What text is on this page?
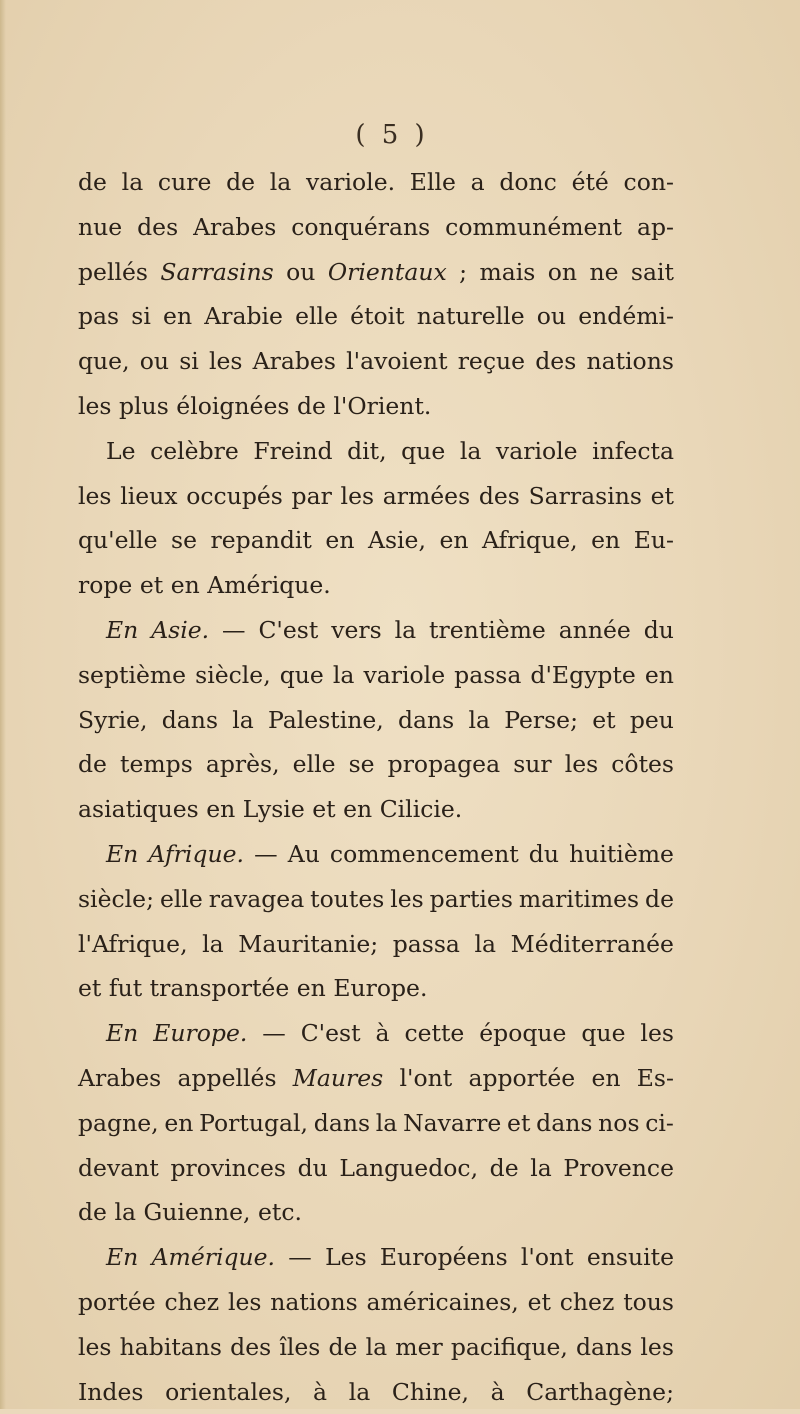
( 5 )
de la cure de la variole. Elle a donc été con-
nue des Arabes conquérans communément ap-
pellés Sarrasins ou Orientaux ; mais on ne sait
pas si en Arabie elle étoit naturelle ou endémi-
que, ou si les Arabes l'avoient reçue des nations
les plus éloignées de l'Orient.
Le celèbre Freind dit, que la variole infecta
les lieux occupés par les armées des Sarrasins et
qu'elle se repandit en Asie, en Afrique, en Eu-
rope et en Amérique.
En Asie. — C'est vers la trentième année du
septième siècle, que la variole passa d'Egypte en
Syrie, dans la Palestine, dans la Perse; et peu
de temps après, elle se propagea sur les côtes
asiatiques en Lysie et en Cilicie.
En Afrique. — Au commencement du huitième
siècle; elle ravagea toutes les parties maritimes de
l'Afrique, la Mauritanie; passa la Méditerranée
et fut transportée en Europe.
En Europe. — C'est à cette époque que les
Arabes appellés Maures l'ont apportée en Es-
pagne, en Portugal, dans la Navarre et dans nos ci-
devant provinces du Languedoc, de la Provence
de la Guienne, etc.
En Amérique. — Les Européens l'ont ensuite
portée chez les nations américaines, et chez tous
les habitans des îles de la mer pacifique, dans les
Indes orientales, à la Chine, à Carthagène;
